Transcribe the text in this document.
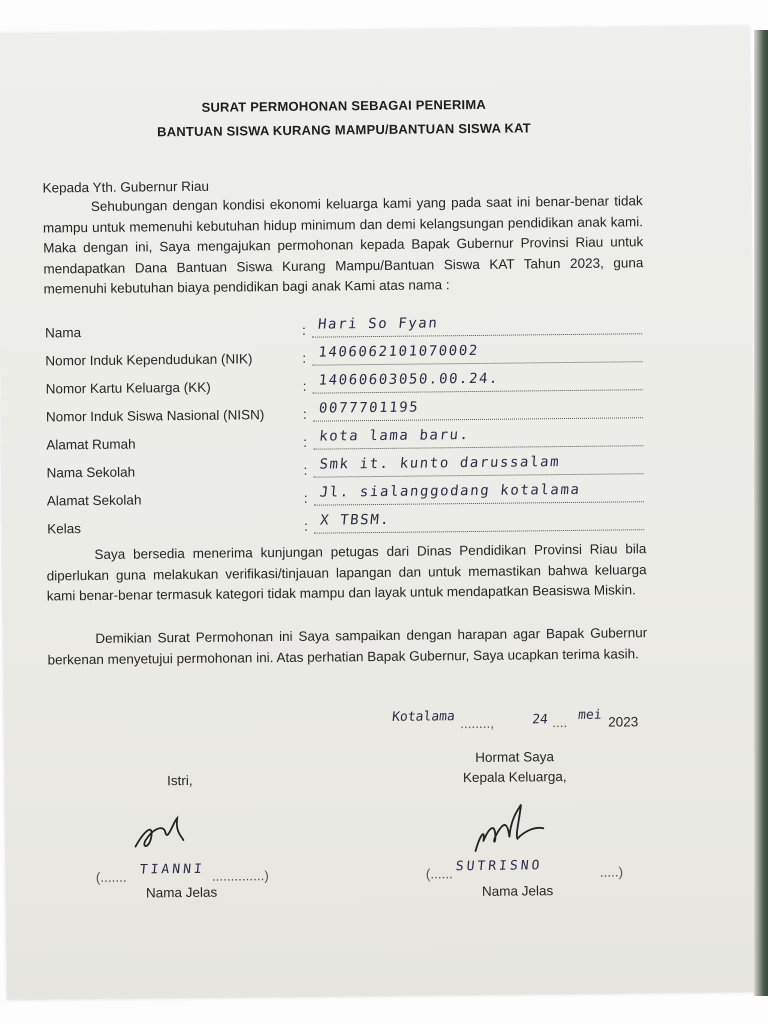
SURAT PERMOHONAN SEBAGAI PENERIMA
BANTUAN SISWA KURANG MAMPU/BANTUAN SISWA KAT
Kepada Yth. Gubernur Riau

Sehubungan dengan kondisi ekonomi keluarga kami yang pada saat ini benar-benar tidak mampu untuk memenuhi kebutuhan hidup minimum dan demi kelangsungan pendidikan anak kami. Maka dengan ini, Saya mengajukan permohonan kepada Bapak Gubernur Provinsi Riau untuk mendapatkan Dana Bantuan Siswa Kurang Mampu/Bantuan Siswa KAT Tahun 2023, guna memenuhi kebutuhan biaya pendidikan bagi anak Kami atas nama :

Nama	: Hari So Fyan
Nomor Induk Kependudukan (NIK)	: 1406062101070002
Nomor Kartu Keluarga (KK)	: 14060603050.00.24.
Nomor Induk Siswa Nasional (NISN)	: 0077701195
Alamat Rumah	: kota lama baru.
Nama Sekolah	: Smk it. kunto darussalam
Alamat Sekolah	: Jl. sialanggodang kotalama
Kelas	: X TBSM.

Saya bersedia menerima kunjungan petugas dari Dinas Pendidikan Provinsi Riau bila diperlukan guna melakukan verifikasi/tinjauan lapangan dan untuk memastikan bahwa keluarga kami benar-benar termasuk kategori tidak mampu dan layak untuk mendapatkan Beasiswa Miskin.

Demikian Surat Permohonan ini Saya sampaikan dengan harapan agar Bapak Gubernur berkenan menyetujui permohonan ini. Atas perhatian Bapak Gubernur, Saya ucapkan terima kasih.

Kotalama ........,	24 .... mei 2023
Hormat Saya
Kepala Keluarga,
Istri,
(....... TIANNI ..............)
Nama Jelas
(...... SUTRISNO	.....)
Nama Jelas
